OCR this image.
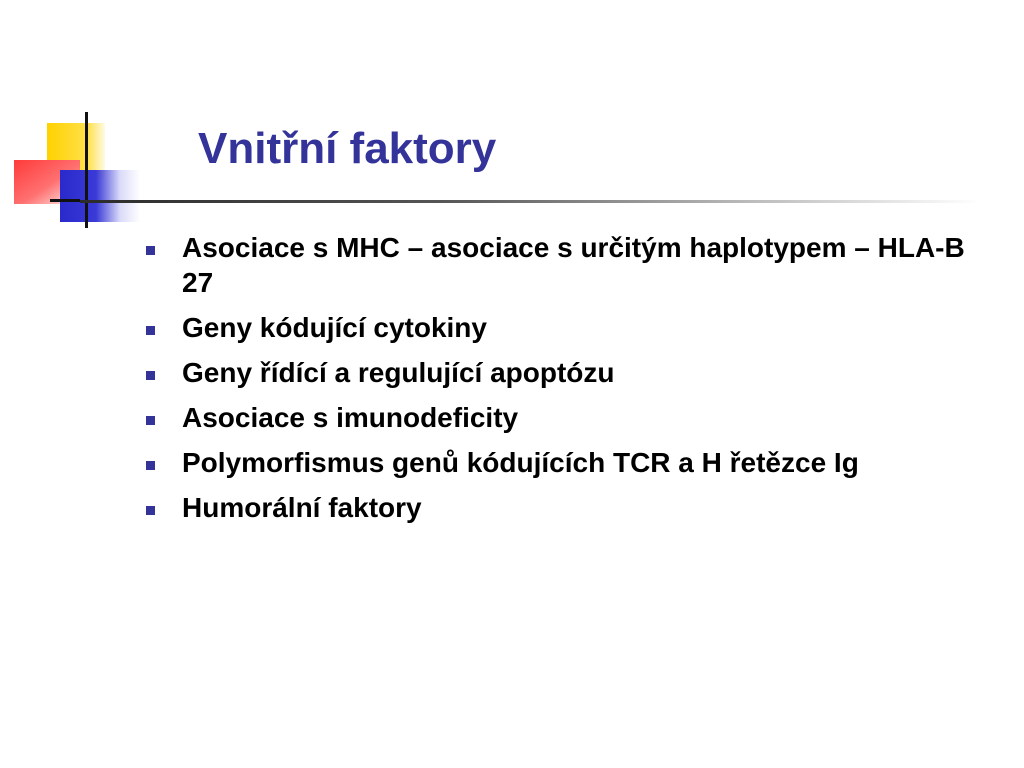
Vnitřní faktory
Asociace s MHC – asociace s určitým haplotypem – HLA-B 27
Geny kódující cytokiny
Geny řídící a regulující apoptózu
Asociace s imunodeficity
Polymorfismus genů kódujících TCR a H řetězce Ig
Humorální faktory
